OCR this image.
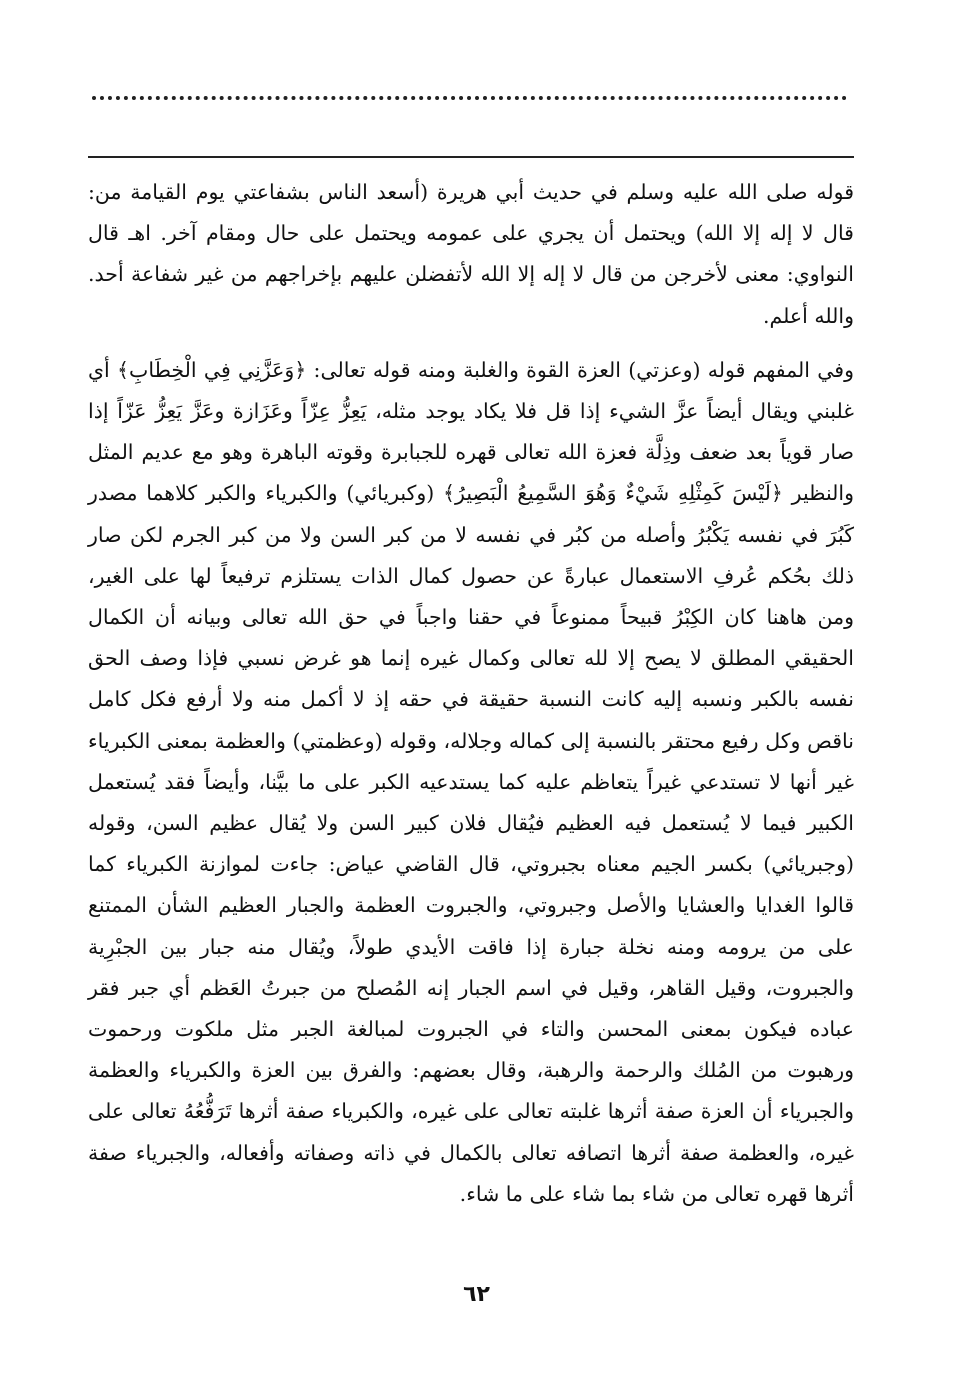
قوله صلى الله عليه وسلم في حديث أبي هريرة (أسعد الناس بشفاعتي يوم القيامة من: قال لا إله إلا الله) ويحتمل أن يجري على عمومه ويحتمل على حال ومقام آخر. اهـ قال النواوي: معنى لأخرجن من قال لا إله إلا الله لأتفضلن عليهم بإخراجهم من غير شفاعة أحد. والله أعلم.

وفي المفهم قوله (وعزتي) العزة القوة والغلبة ومنه قوله تعالى: ﴿وَعَزَّنِي فِي الْخِطَابِ﴾ أي غلبني ويقال أيضاً عزَّ الشيء إذا قل فلا يكاد يوجد مثله، يَعِزُّ عِزّاً وعَزَازة وعَزَّ يَعِزُّ عَزّاً إذا صار قوياً بعد ضعف وذِلَّة فعزة الله تعالى قهره للجبابرة وقوته الباهرة وهو مع عديم المثل والنظير ﴿لَيْسَ كَمِثْلِهِ شَيْءٌ وَهُوَ السَّمِيعُ الْبَصِيرُ﴾ (وكبريائي) والكبرياء والكبر كلاهما مصدر كَبُرَ في نفسه يَكْبُرُ وأصله من كبُر في نفسه لا من كبر السن ولا من كبر الجرم لكن صار ذلك بحُكم عُرفِ الاستعمال عبارةً عن حصول كمال الذات يستلزم ترفيعاً لها على الغير، ومن هاهنا كان الكِبْرُ قبيحاً ممنوعاً في حقنا واجباً في حق الله تعالى وبيانه أن الكمال الحقيقي المطلق لا يصح إلا لله تعالى وكمال غيره إنما هو غرض نسبي فإذا وصف الحق نفسه بالكبر ونسبه إليه كانت النسبة حقيقة في حقه إذ لا أكمل منه ولا أرفع فكل كامل ناقص وكل رفيع محتقر بالنسبة إلى كماله وجلاله، وقوله (وعظمتي) والعظمة بمعنى الكبرياء غير أنها لا تستدعي غيراً يتعاظم عليه كما يستدعيه الكبر على ما بيَّنا، وأيضاً فقد يُستعمل الكبير فيما لا يُستعمل فيه العظيم فيُقال فلان كبير السن ولا يُقال عظيم السن، وقوله (وجبريائي) بكسر الجيم معناه بجبروتي، قال القاضي عياض: جاءت لموازنة الكبرياء كما قالوا الغدايا والعشايا والأصل وجبروتي، والجبروت العظمة والجبار العظيم الشأن الممتنع على من يرومه ومنه نخلة جبارة إذا فاقت الأيدي طولاً، ويُقال منه جبار بين الجبْرِية والجبروت، وقيل القاهر، وقيل في اسم الجبار إنه المُصلح من جبرتُ العَظم أي جبر فقر عباده فيكون بمعنى المحسن والتاء في الجبروت لمبالغة الجبر مثل ملكوت ورحموت ورهبوت من المُلك والرحمة والرهبة، وقال بعضهم: والفرق بين العزة والكبرياء والعظمة والجبرياء أن العزة صفة أثرها غلبته تعالى على غيره، والكبرياء صفة أثرها تَرَفُّعُهُ تعالى على غيره، والعظمة صفة أثرها اتصافه تعالى بالكمال في ذاته وصفاته وأفعاله، والجبرياء صفة أثرها قهره تعالى من شاء بما شاء على ما شاء.

٦٢
